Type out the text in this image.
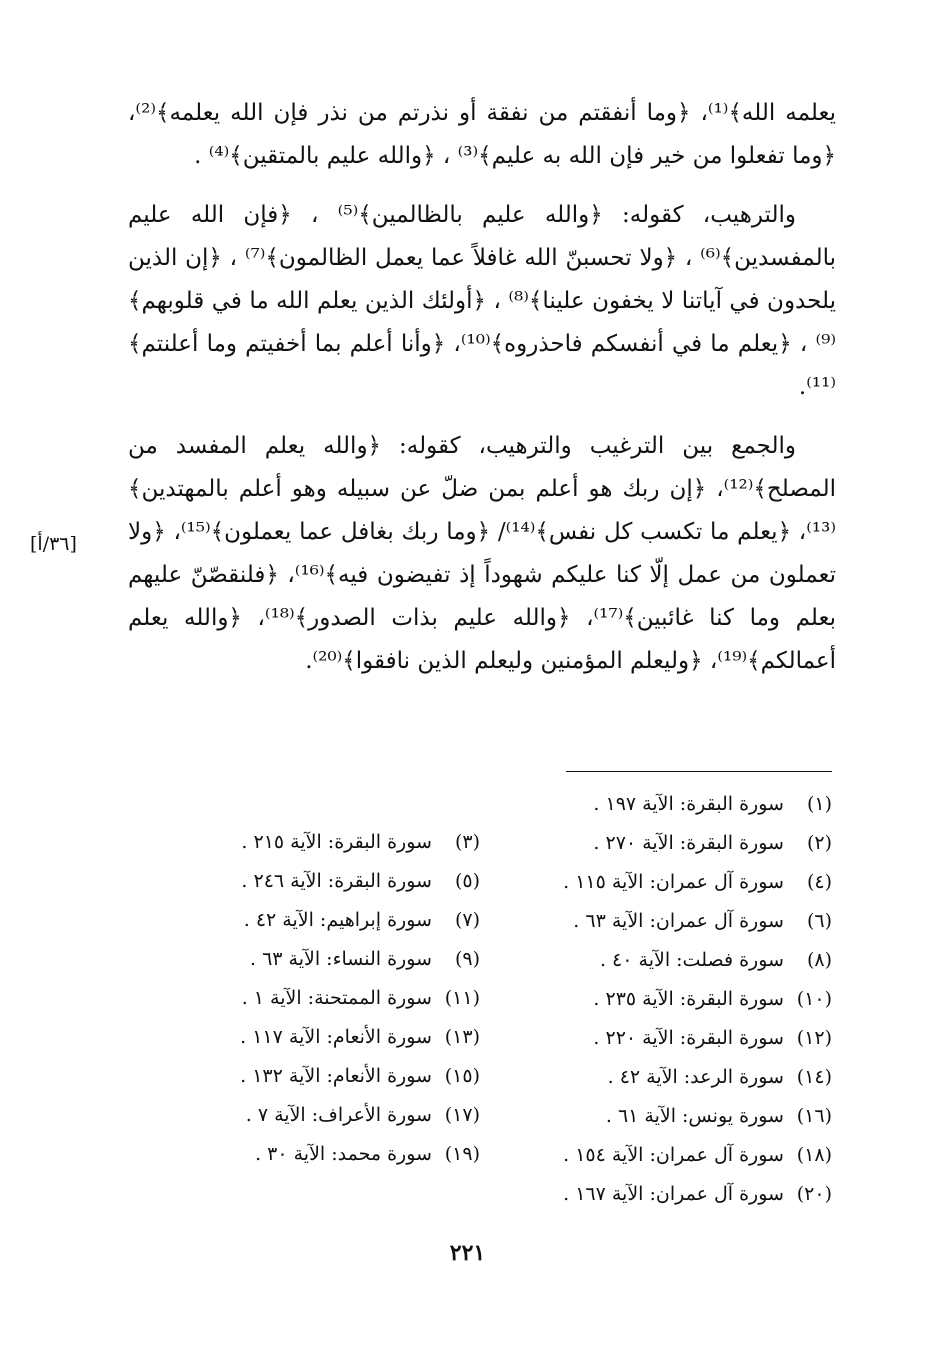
يعلمه الله﴾⁽¹⁾، ﴿وما أنفقتم من نفقة أو نذرتم من نذر فإن الله يعلمه﴾⁽²⁾، ﴿وما تفعلوا من خير فإن الله به عليم﴾⁽³⁾ ، ﴿والله عليم بالمتقين﴾⁽⁴⁾ .

والترهيب، كقوله: ﴿والله عليم بالظالمين﴾⁽⁵⁾ ، ﴿فإن الله عليم بالمفسدين﴾⁽⁶⁾ ، ﴿ولا تحسبنّ الله غافلاً عما يعمل الظالمون﴾⁽⁷⁾ ، ﴿إن الذين يلحدون في آياتنا لا يخفون علينا﴾⁽⁸⁾ ، ﴿أولئك الذين يعلم الله ما في قلوبهم﴾⁽⁹⁾ ، ﴿يعلم ما في أنفسكم فاحذروه﴾⁽¹⁰⁾، ﴿وأنا أعلم بما أخفيتم وما أعلنتم﴾⁽¹¹⁾.

والجمع بين الترغيب والترهيب، كقوله: ﴿والله يعلم المفسد من المصلح﴾⁽¹²⁾، ﴿إن ربك هو أعلم بمن ضلّ عن سبيله وهو أعلم بالمهتدين﴾⁽¹³⁾، ﴿يعلم ما تكسب كل نفس﴾⁽¹⁴⁾/ ﴿وما ربك بغافل عما يعملون﴾⁽¹⁵⁾، ﴿ولا تعملون من عمل إلّا كنا عليكم شهوداً إذ تفيضون فيه﴾⁽¹⁶⁾، ﴿فلنقصّنّ عليهم بعلم وما كنا غائبين﴾⁽¹⁷⁾، ﴿والله عليم بذات الصدور﴾⁽¹⁸⁾، ﴿والله يعلم أعمالكم﴾⁽¹⁹⁾، ﴿وليعلم المؤمنين وليعلم الذين نافقوا﴾⁽²⁰⁾.

[٣٦/أ]
(١) سورة البقرة: الآية ١٩٧ .
(٢) سورة البقرة: الآية ٢٧٠ .
(٤) سورة آل عمران: الآية ١١٥ .
(٦) سورة آل عمران: الآية ٦٣ .
(٨) سورة فصلت: الآية ٤٠ .
(١٠) سورة البقرة: الآية ٢٣٥ .
(١٢) سورة البقرة: الآية ٢٢٠ .
(١٤) سورة الرعد: الآية ٤٢ .
(١٦) سورة يونس: الآية ٦١ .
(١٨) سورة آل عمران: الآية ١٥٤ .
(٢٠) سورة آل عمران: الآية ١٦٧ .
(٣) سورة البقرة: الآية ٢١٥ .
(٥) سورة البقرة: الآية ٢٤٦ .
(٧) سورة إبراهيم: الآية ٤٢ .
(٩) سورة النساء: الآية ٦٣ .
(١١) سورة الممتحنة: الآية ١ .
(١٣) سورة الأنعام: الآية ١١٧ .
(١٥) سورة الأنعام: الآية ١٣٢ .
(١٧) سورة الأعراف: الآية ٧ .
(١٩) سورة محمد: الآية ٣٠ .
٢٢١
